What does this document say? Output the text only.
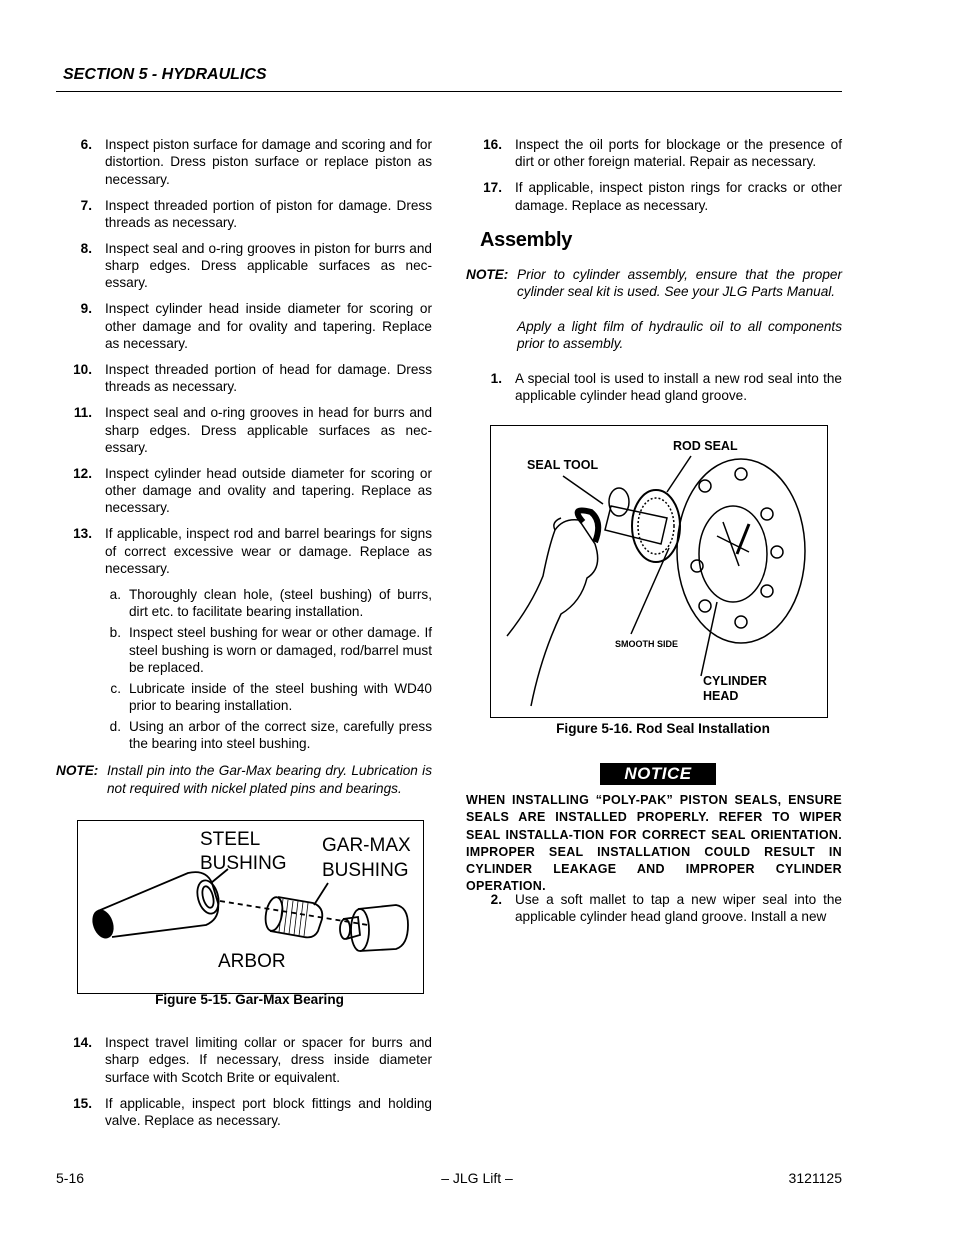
SECTION 5 - HYDRAULICS
6. Inspect piston surface for damage and scoring and for distortion. Dress piston surface or replace piston as necessary.
7. Inspect threaded portion of piston for damage. Dress threads as necessary.
8. Inspect seal and o-ring grooves in piston for burrs and sharp edges. Dress applicable surfaces as nec-essary.
9. Inspect cylinder head inside diameter for scoring or other damage and for ovality and tapering. Replace as necessary.
10. Inspect threaded portion of head for damage. Dress threads as necessary.
11. Inspect seal and o-ring grooves in head for burrs and sharp edges. Dress applicable surfaces as nec-essary.
12. Inspect cylinder head outside diameter for scoring or other damage and ovality and tapering. Replace as necessary.
13. If applicable, inspect rod and barrel bearings for signs of correct excessive wear or damage. Replace as necessary.
a. Thoroughly clean hole, (steel bushing) of burrs, dirt etc. to facilitate bearing installation.
b. Inspect steel bushing for wear or other damage. If steel bushing is worn or damaged, rod/barrel must be replaced.
c. Lubricate inside of the steel bushing with WD40 prior to bearing installation.
d. Using an arbor of the correct size, carefully press the bearing into steel bushing.
NOTE: Install pin into the Gar-Max bearing dry. Lubrication is not required with nickel plated pins and bearings.
STEEL
BUSHING
GAR-MAX
BUSHING
ARBOR
Figure 5-15. Gar-Max Bearing
14. Inspect travel limiting collar or spacer for burrs and sharp edges. If necessary, dress inside diameter surface with Scotch Brite or equivalent.
15. If applicable, inspect port block fittings and holding valve. Replace as necessary.
16. Inspect the oil ports for blockage or the presence of dirt or other foreign material. Repair as necessary.
17. If applicable, inspect piston rings for cracks or other damage. Replace as necessary.
Assembly
NOTE: Prior to cylinder assembly, ensure that the proper cylinder seal kit is used. See your JLG Parts Manual.
Apply a light film of hydraulic oil to all components prior to assembly.
1. A special tool is used to install a new rod seal into the applicable cylinder head gland groove.
ROD SEAL
SEAL TOOL
SMOOTH SIDE
CYLINDER
HEAD
Figure 5-16. Rod Seal Installation
NOTICE
WHEN INSTALLING “POLY-PAK” PISTON SEALS, ENSURE SEALS ARE INSTALLED PROPERLY. REFER TO WIPER SEAL INSTALLA-TION FOR CORRECT SEAL ORIENTATION. IMPROPER SEAL INSTALLATION COULD RESULT IN CYLINDER LEAKAGE AND IMPROPER CYLINDER OPERATION.
2. Use a soft mallet to tap a new wiper seal into the applicable cylinder head gland groove. Install a new
5-16	– JLG Lift –	3121125
